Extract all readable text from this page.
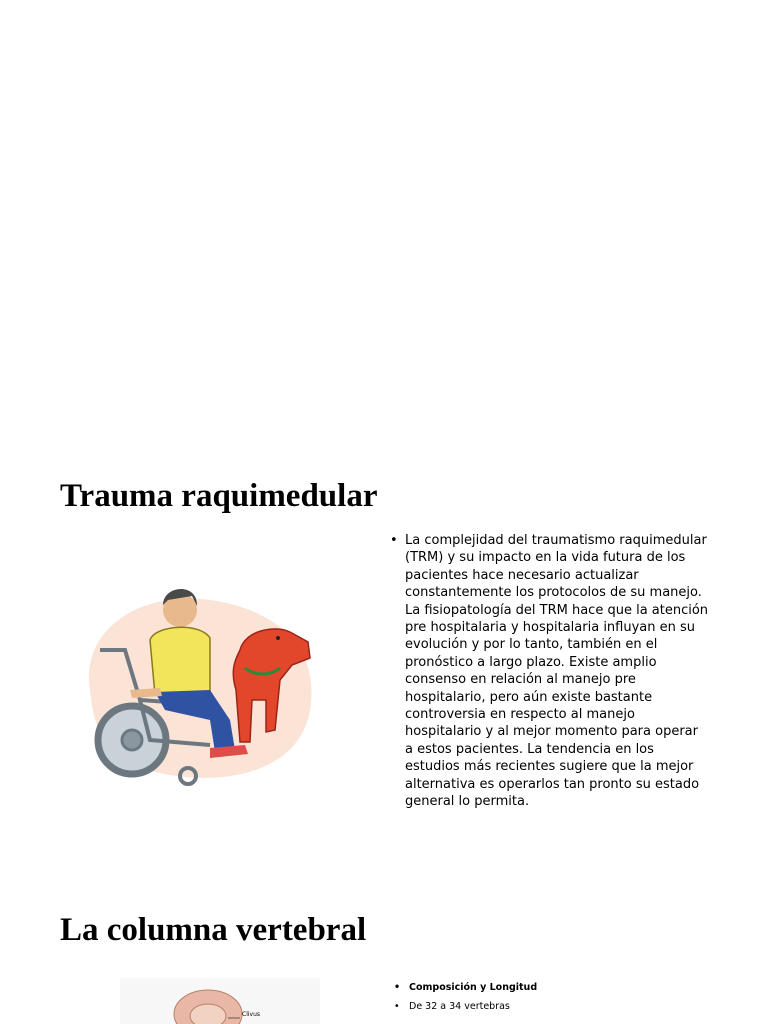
Trauma raquimedular
• La complejidad del traumatismo raquimedular (TRM) y su impacto en la vida futura de los pacientes hace necesario actualizar constantemente los protocolos de su manejo. La fisiopatología del TRM hace que la atención pre hospitalaria y hospitalaria influyan en su evolución y por lo tanto, también en el pronóstico a largo plazo. Existe amplio consenso en relación al manejo pre hospitalario, pero aún existe bastante controversia en respecto al manejo hospitalario y al mejor momento para operar a estos pacientes. La tendencia en los estudios más recientes sugiere que la mejor alternativa es operarlos tan pronto su estado general lo permita.
La columna vertebral
Clivus
• Composición y Longitud
• De 32 a 34 vertebras
